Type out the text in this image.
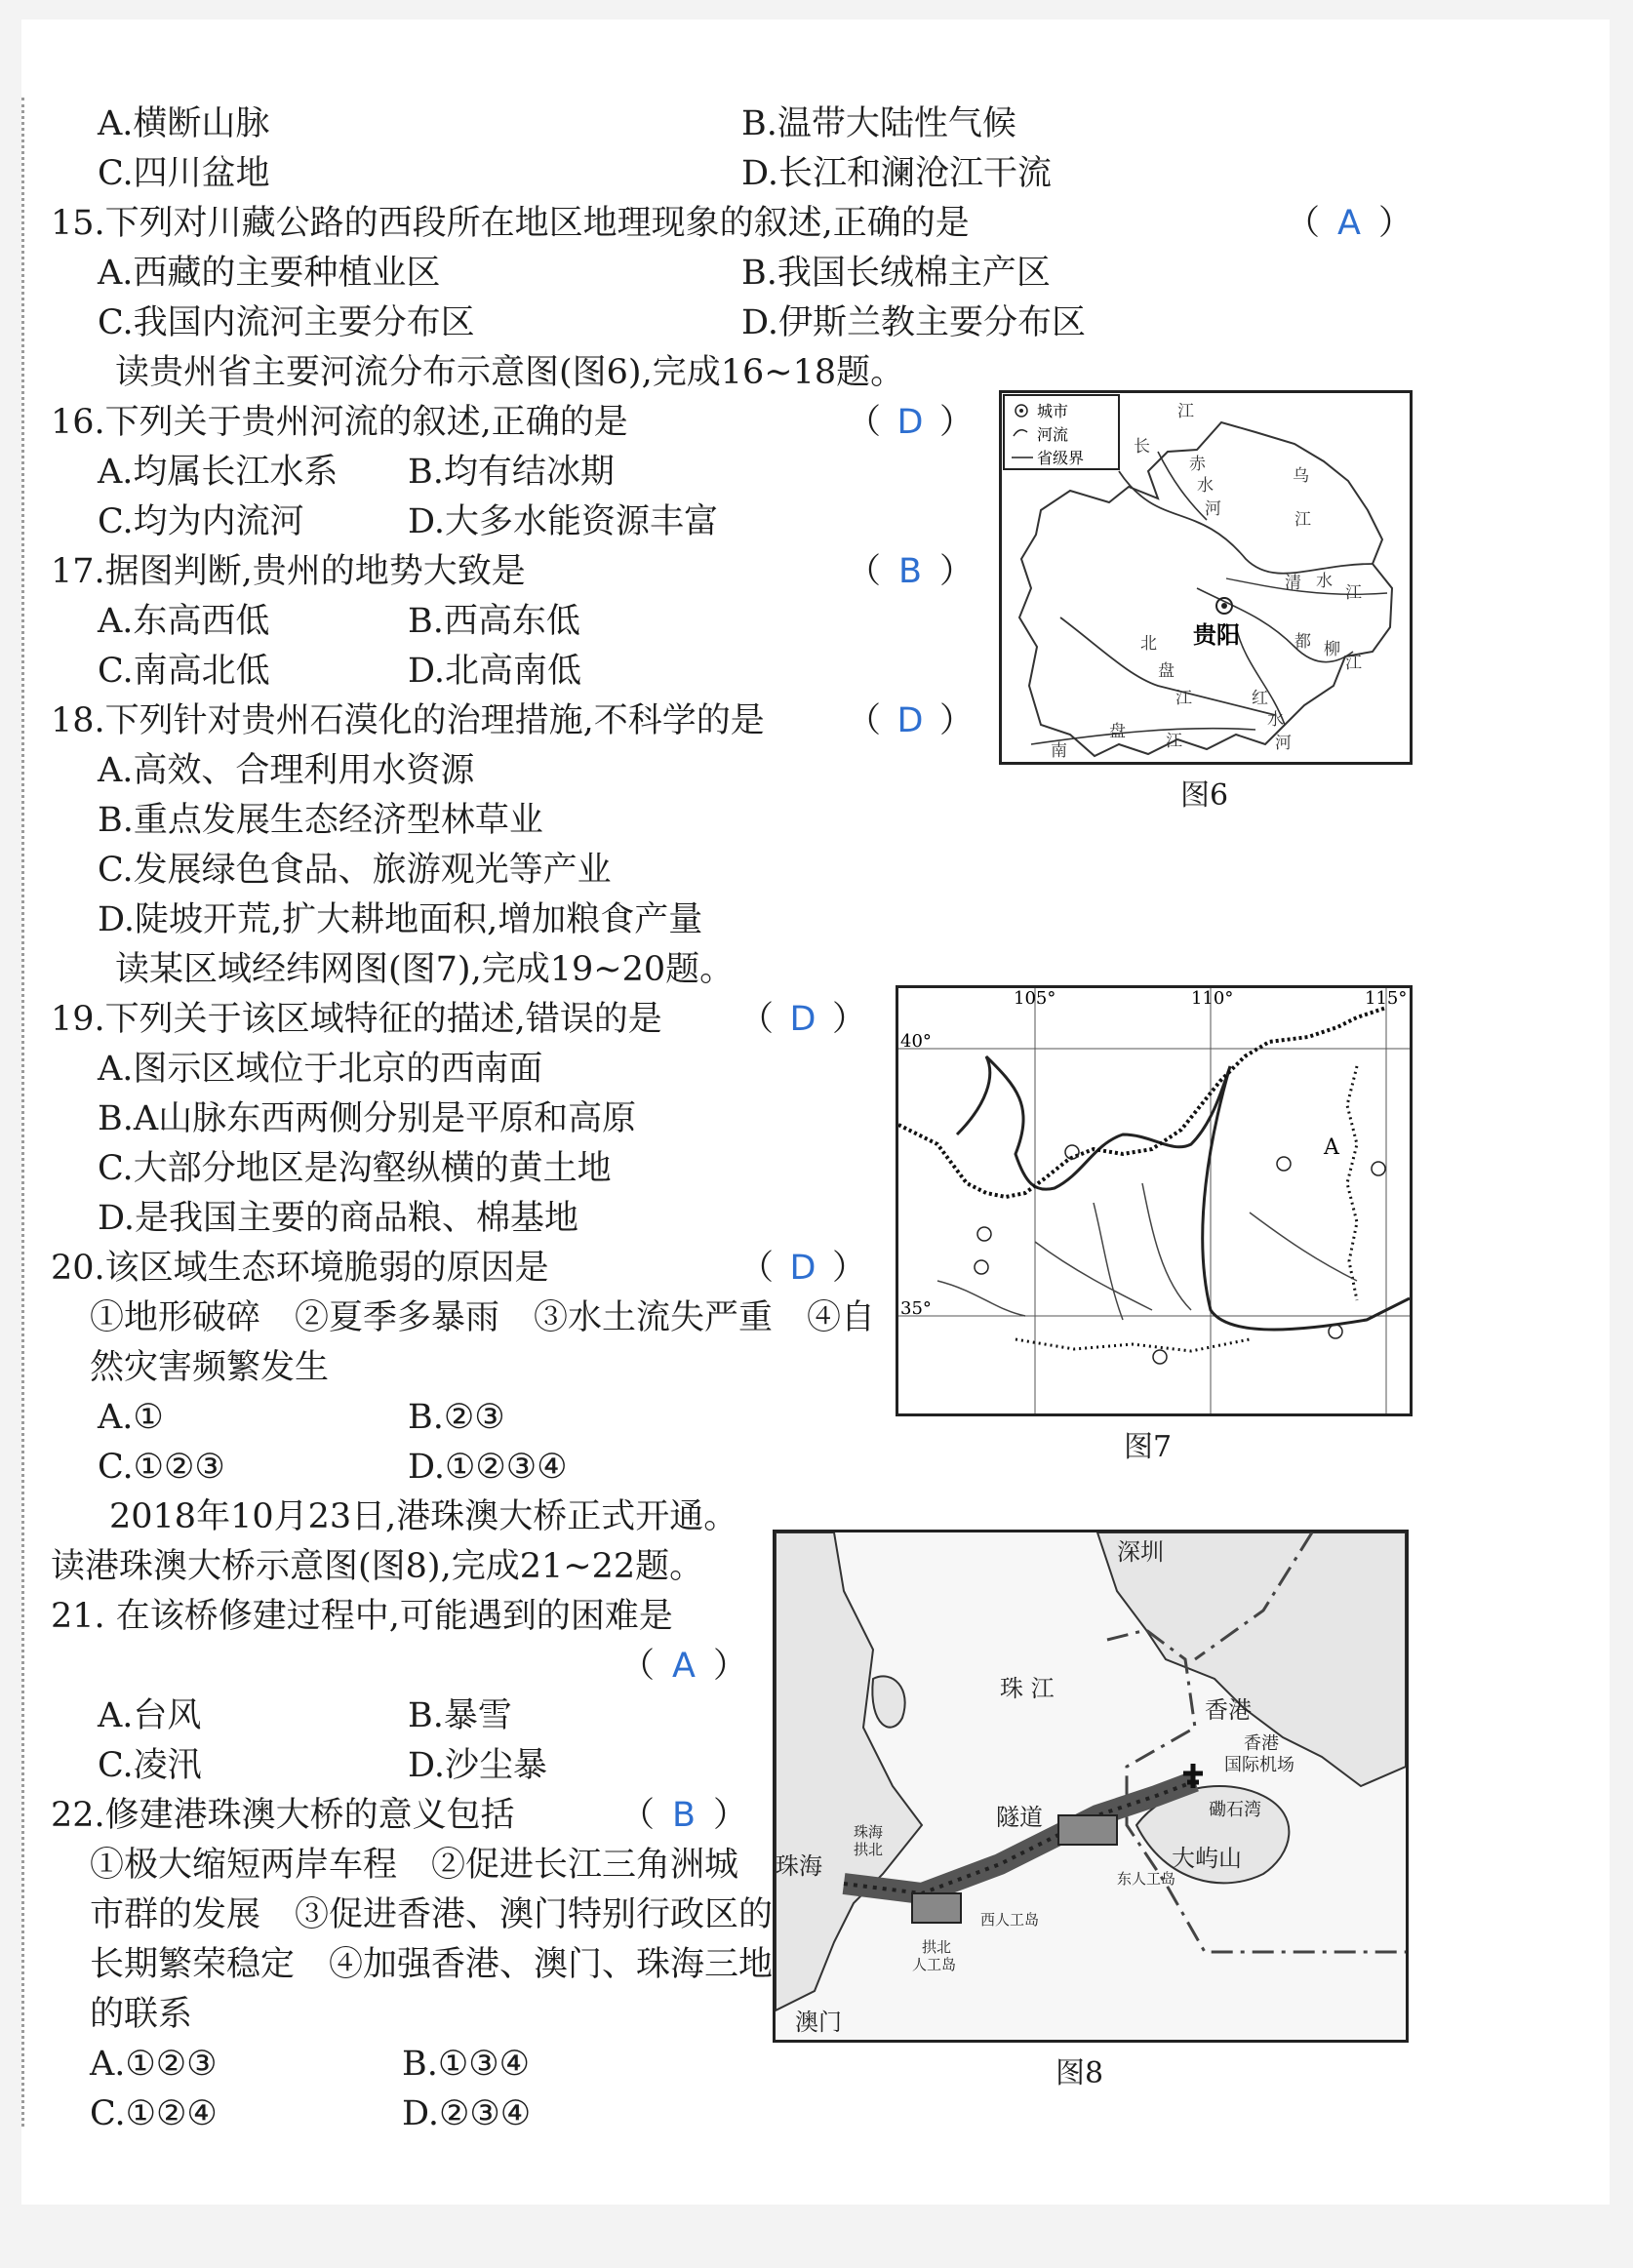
A.横断山脉	B.温带大陆性气候
C.四川盆地	D.长江和澜沧江干流
15.下列对川藏公路的西段所在地区地理现象的叙述,正确的是	（ A ）
A.西藏的主要种植业区	B.我国长绒棉主产区
C.我国内流河主要分布区	D.伊斯兰教主要分布区
读贵州省主要河流分布示意图(图6),完成16~18题。
16.下列关于贵州河流的叙述,正确的是	（ D ）
A.均属长江水系 B.均有结冰期
C.均为内流河	D.大多水能资源丰富
17.据图判断,贵州的地势大致是	（ B ）
A.东高西低	B.西高东低
C.南高北低	D.北高南低
18.下列针对贵州石漠化的治理措施,不科学的是 （ D ）
A.高效、合理利用水资源
B.重点发展生态经济型林草业
C.发展绿色食品、旅游观光等产业
D.陡坡开荒,扩大耕地面积,增加粮食产量
读某区域经纬网图(图7),完成19~20题。
19.下列关于该区域特征的描述,错误的是 （ D ）
A.图示区域位于北京的西南面
B.A山脉东西两侧分别是平原和高原
C.大部分地区是沟壑纵横的黄土地
D.是我国主要的商品粮、棉基地
20.该区域生态环境脆弱的原因是	（ D ）
①地形破碎　②夏季多暴雨　③水土流失严重　④自
然灾害频繁发生
A.①	B.②③
C.①②③	D.①②③④
2018年10月23日,港珠澳大桥正式开通。
读港珠澳大桥示意图(图8),完成21~22题。
21. 在该桥修建过程中,可能遇到的困难是
（ A ）
A.台风	B.暴雪
C.凌汛	D.沙尘暴
22.修建港珠澳大桥的意义包括	（ B ）
①极大缩短两岸车程　②促进长江三角洲城
市群的发展　③促进香港、澳门特别行政区的
长期繁荣稳定　④加强香港、澳门、珠海三地
的联系
A.①②③	B.①③④
C.①②④	D.②③④
城市
河流
省级界
贵阳
长
江
乌
江
赤
水
河
清 水
江
都 柳
江
北
盘
江
南
盘 江
红
水
河
图6
105°	110°	115°
40°
35°
A
图7
深圳
珠 江
香港
珠海
隧道
大屿山
澳门
香港
国际机场
磡石湾
珠海
拱北
东人工岛
西人工岛
拱北
人工岛
图8
